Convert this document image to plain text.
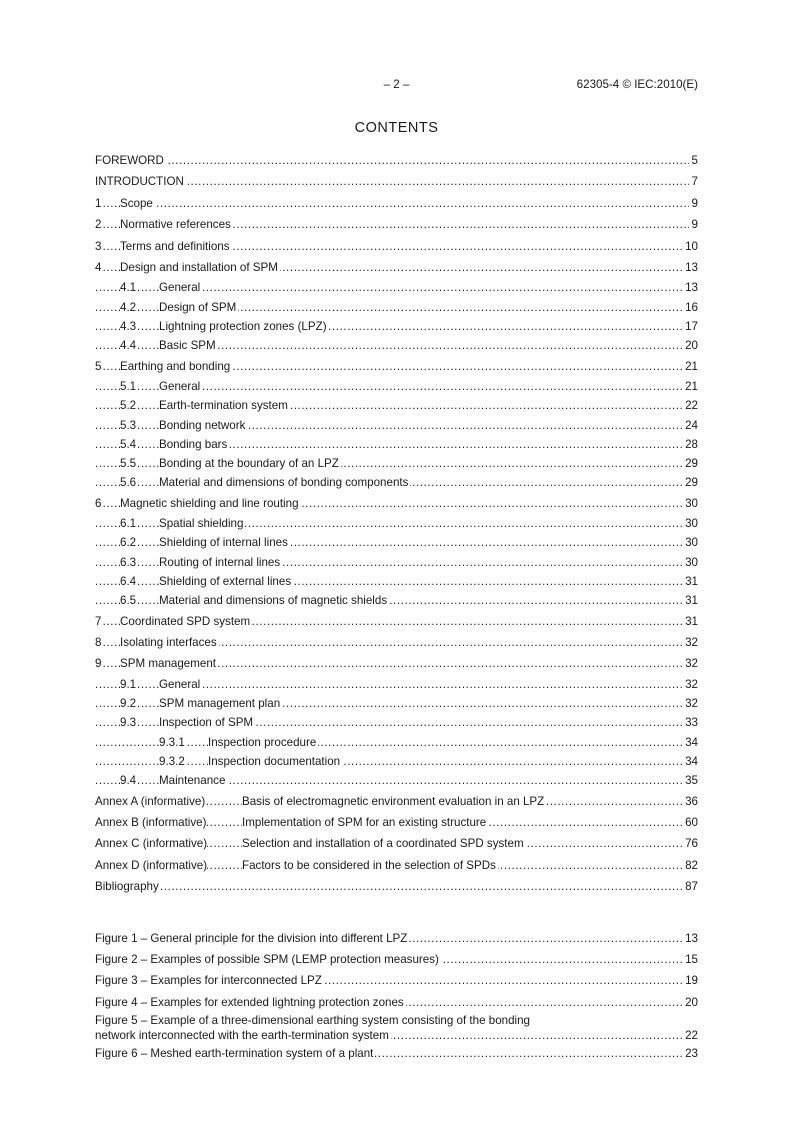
– 2 –	62305-4 © IEC:2010(E)
CONTENTS
.....
FOREWORD	5
.....
INTRODUCTION	7
.....
1 Scope	9
.....
2 Normative references	9
.....
3 Terms and definitions	10
.....
4 Design and installation of SPM	13
.....
4.1 General	13
.....
4.2 Design of SPM	16
.....
4.3 Lightning protection zones (LPZ)	17
.....
4.4 Basic SPM	20
.....
5 Earthing and bonding	21
.....
5.1 General	21
.....
5.2 Earth-termination system	22
.....
5.3 Bonding network	24
.....
5.4 Bonding bars	28
.....
5.5 Bonding at the boundary of an LPZ	29
.....
5.6 Material and dimensions of bonding components	29
.....
6 Magnetic shielding and line routing	30
.....
6.1 Spatial shielding	30
.....
6.2 Shielding of internal lines	30
.....
6.3 Routing of internal lines	30
.....
6.4 Shielding of external lines	31
.....
6.5 Material and dimensions of magnetic shields	31
.....
7 Coordinated SPD system	31
.....
8 Isolating interfaces	32
.....
9 SPM management	32
.....
9.1 General	32
.....
9.2 SPM management plan	32
.....
9.3 Inspection of SPM	33
.....
9.3.1 Inspection procedure	34
.....
9.3.2 Inspection documentation	34
.....
9.4 Maintenance	35
.....
Annex A (informative)	Basis of electromagnetic environment evaluation in an LPZ	36
.....
Annex B (informative)	Implementation of SPM for an existing structure	60
.....
Annex C (informative)	Selection and installation of a coordinated SPD system	76
.....
Annex D (informative)	Factors to be considered in the selection of SPDs	82
.....
Bibliography	87
.....
Figure 1 – General principle for the division into different LPZ	13
.....
Figure 2 – Examples of possible SPM (LEMP protection measures)	15
.....
Figure 3 – Examples for interconnected LPZ	19
.....
Figure 4 – Examples for extended lightning protection zones	20
.....
Figure 5 – Example of a three-dimensional earthing system consisting of the bonding
network interconnected with the earth-termination system	22
.....
Figure 6 – Meshed earth-termination system of a plant	23
